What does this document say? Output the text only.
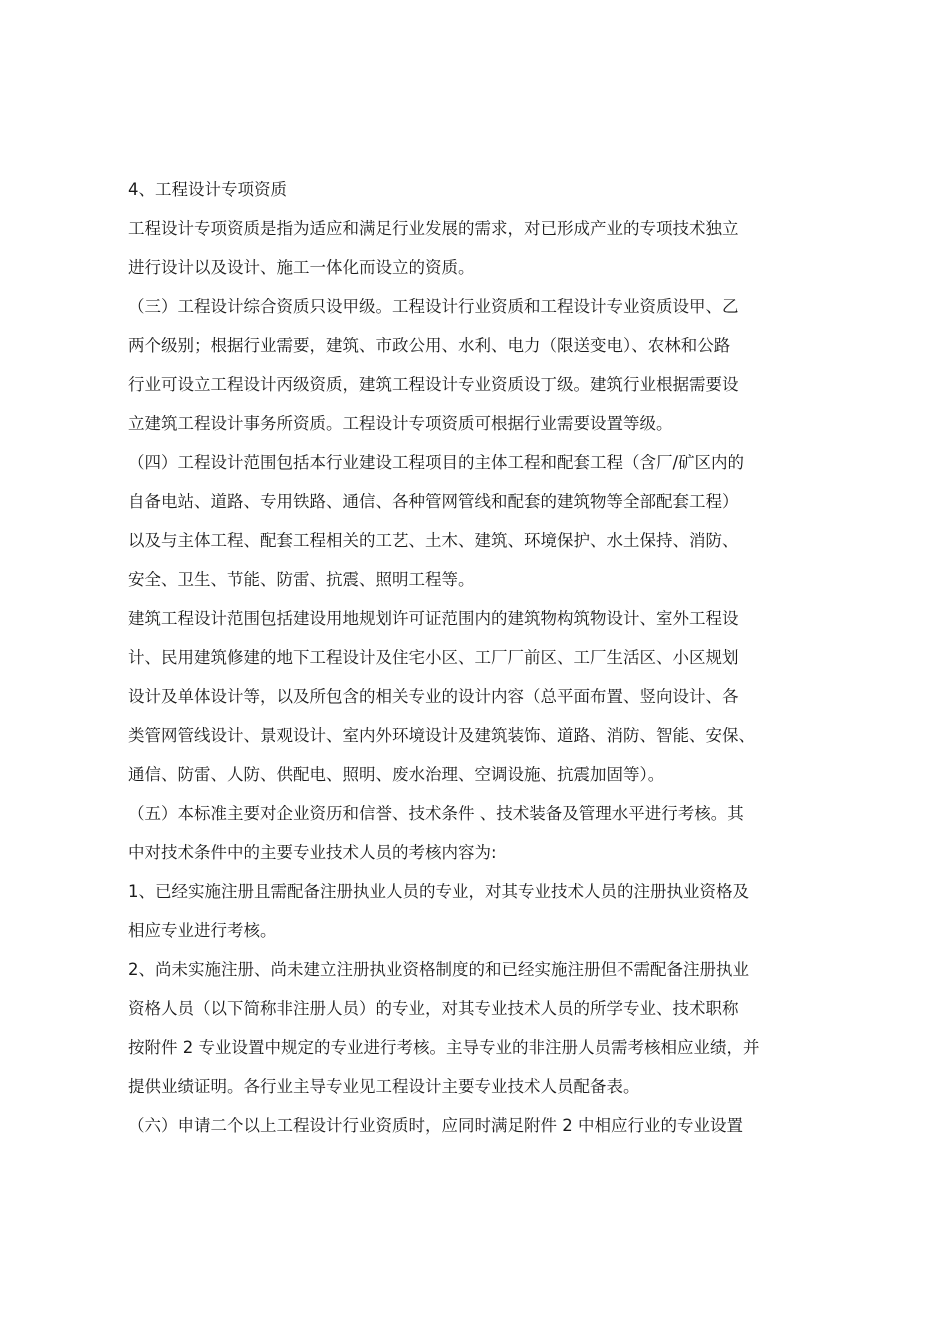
4、工程设计专项资质

工程设计专项资质是指为适应和满足行业发展的需求，对已形成产业的专项技术独立
进行设计以及设计、施工一体化而设立的资质。

（三）工程设计综合资质只设甲级。工程设计行业资质和工程设计专业资质设甲、乙
两个级别；根据行业需要，建筑、市政公用、水利、电力（限送变电）、农林和公路
行业可设立工程设计丙级资质，建筑工程设计专业资质设丁级。建筑行业根据需要设
立建筑工程设计事务所资质。工程设计专项资质可根据行业需要设置等级。

（四）工程设计范围包括本行业建设工程项目的主体工程和配套工程（含厂/矿区内的
自备电站、道路、专用铁路、通信、各种管网管线和配套的建筑物等全部配套工程）
以及与主体工程、配套工程相关的工艺、土木、建筑、环境保护、水土保持、消防、
安全、卫生、节能、防雷、抗震、照明工程等。

建筑工程设计范围包括建设用地规划许可证范围内的建筑物构筑物设计、室外工程设
计、民用建筑修建的地下工程设计及住宅小区、工厂厂前区、工厂生活区、小区规划
设计及单体设计等，以及所包含的相关专业的设计内容（总平面布置、竖向设计、各
类管网管线设计、景观设计、室内外环境设计及建筑装饰、道路、消防、智能、安保、
通信、防雷、人防、供配电、照明、废水治理、空调设施、抗震加固等）。

（五）本标准主要对企业资历和信誉、技术条件 、技术装备及管理水平进行考核。其
中对技术条件中的主要专业技术人员的考核内容为:

1、已经实施注册且需配备注册执业人员的专业，对其专业技术人员的注册执业资格及
相应专业进行考核。

2、尚未实施注册、尚未建立注册执业资格制度的和已经实施注册但不需配备注册执业
资格人员（以下简称非注册人员）的专业，对其专业技术人员的所学专业、技术职称
按附件 2 专业设置中规定的专业进行考核。主导专业的非注册人员需考核相应业绩，并
提供业绩证明。各行业主导专业见工程设计主要专业技术人员配备表。

（六）申请二个以上工程设计行业资质时，应同时满足附件 2 中相应行业的专业设置
